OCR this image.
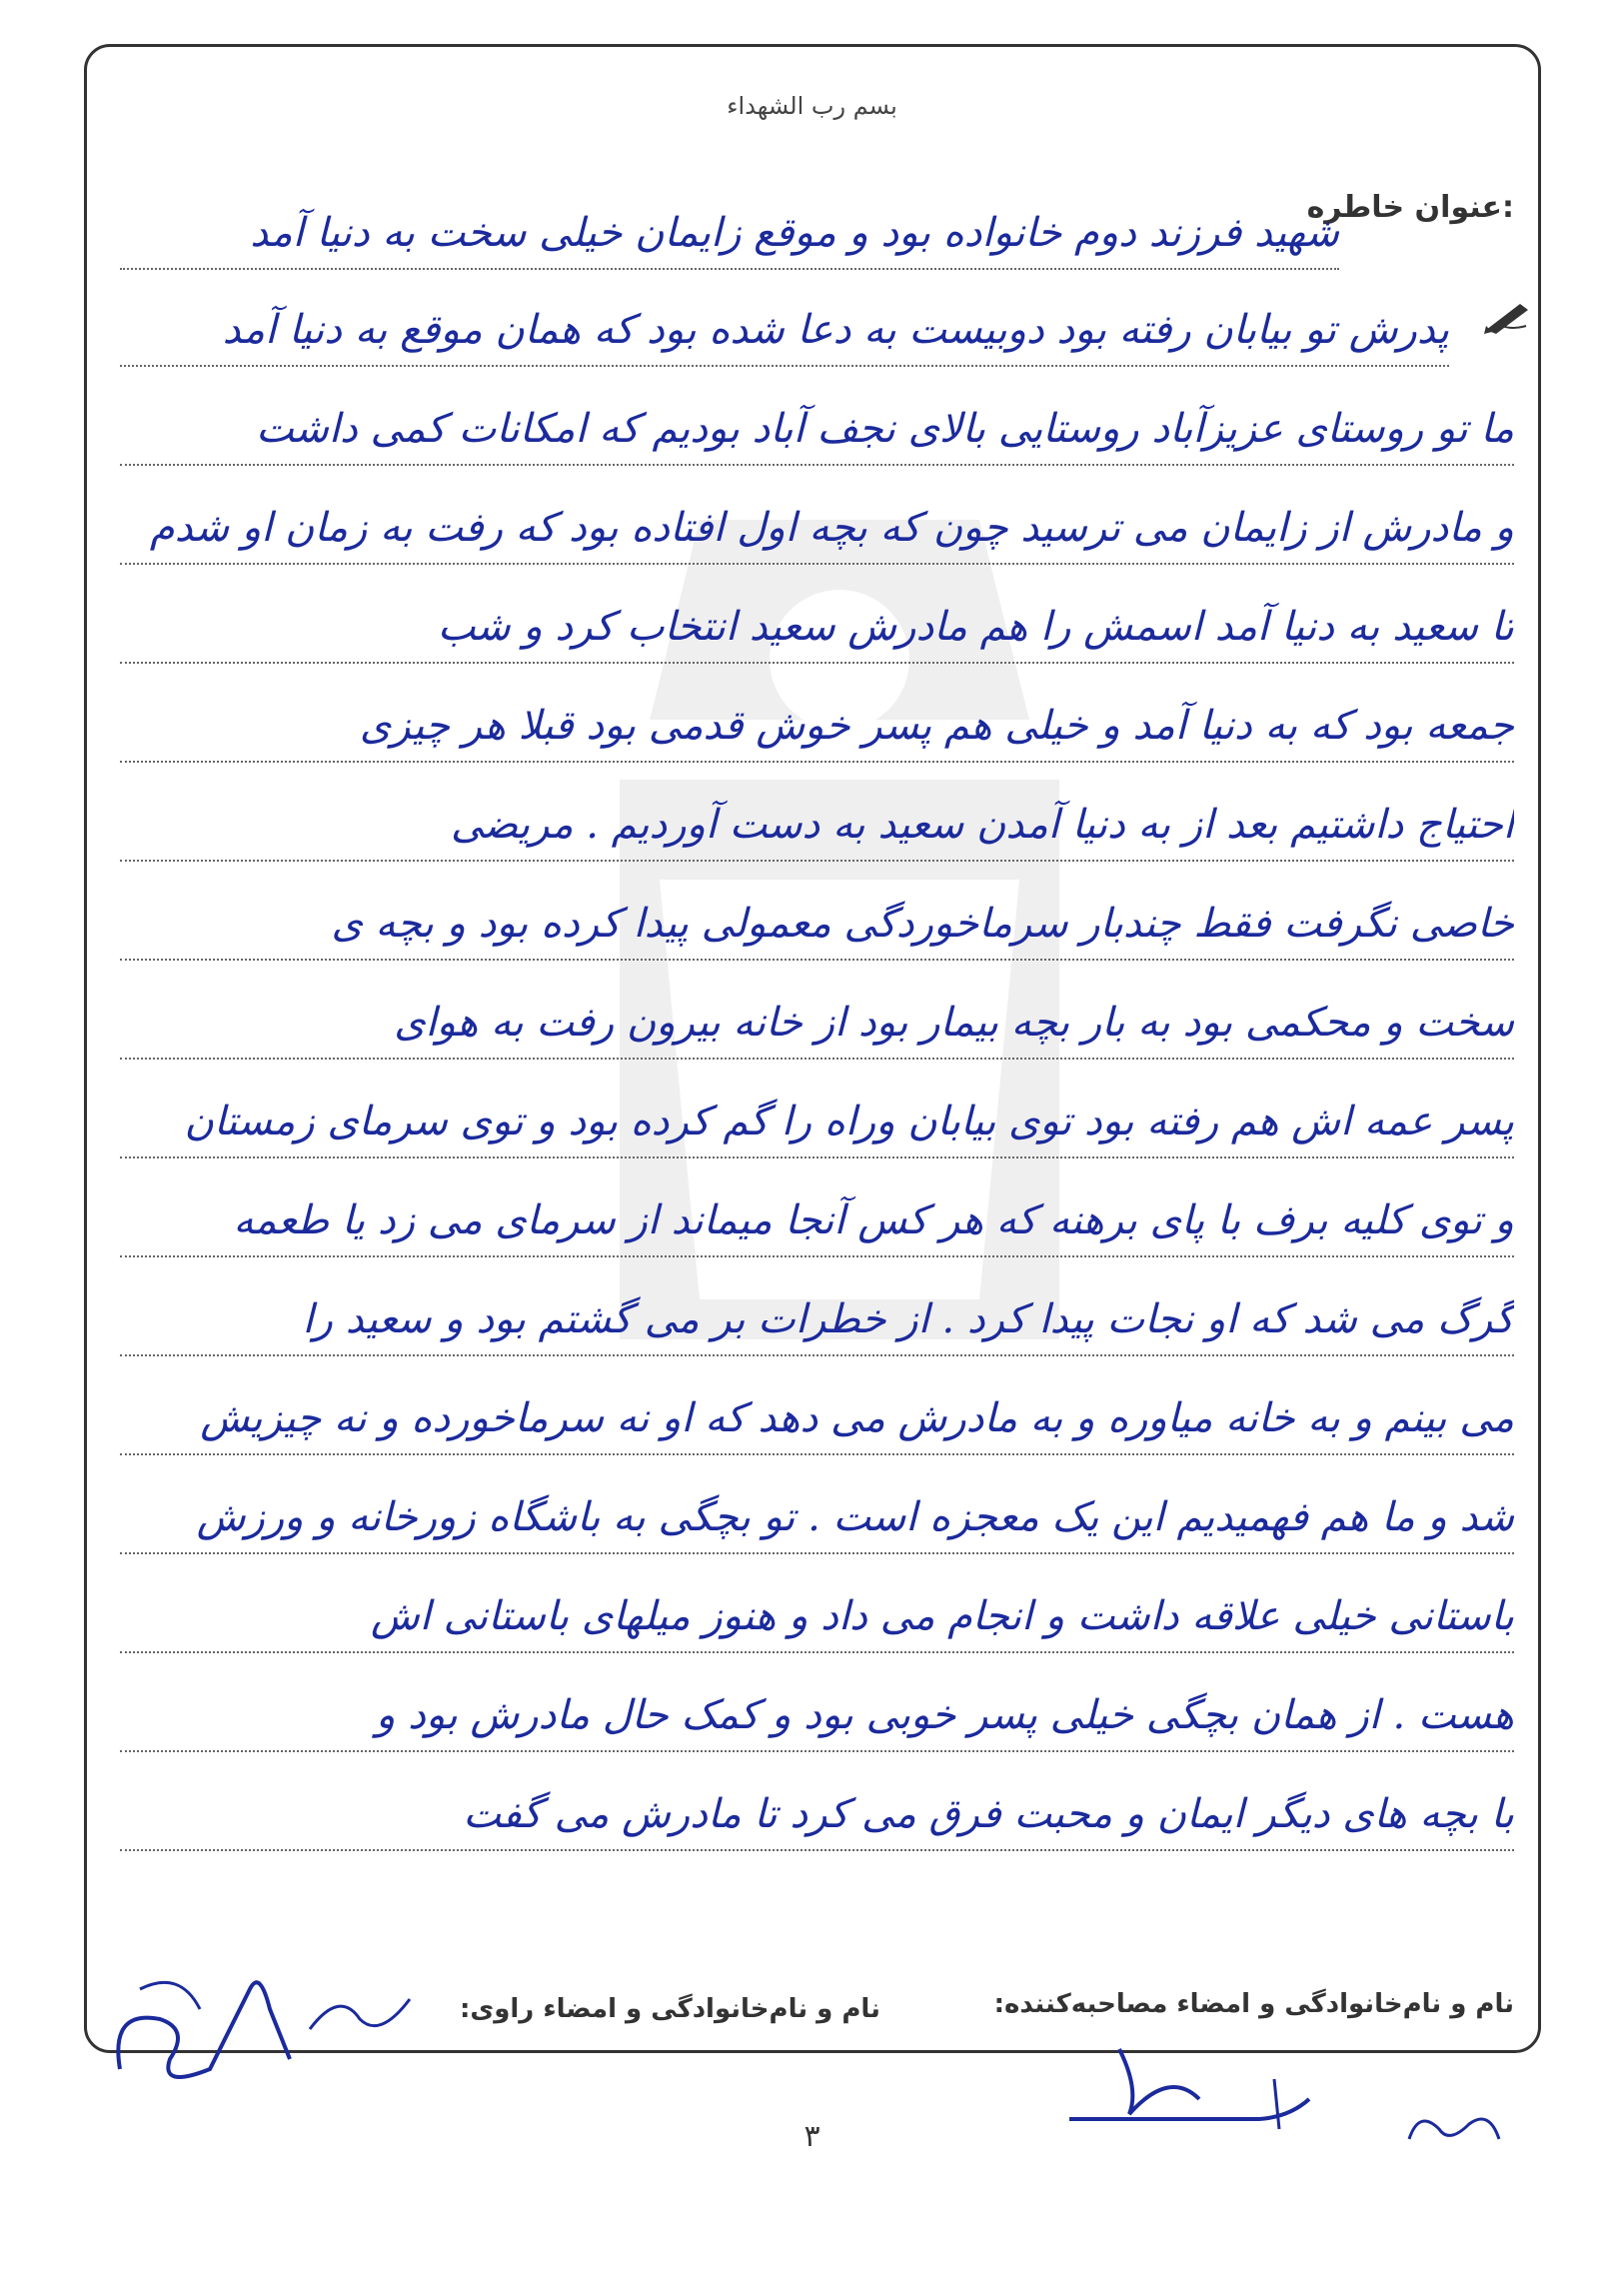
بسم رب الشهداء
عنوان خاطره:
شهید فرزند دوم خانواده بود و موقع زایمان خیلی سخت به دنیا آمد
پدرش تو بیابان رفته بود دوبیست به دعا شده بود که همان موقع به دنیا آمد
ما تو روستای عزیزآباد روستایی بالای نجف آباد بودیم که امکانات کمی داشت
و مادرش از زایمان می ترسید چون که بچه اول افتاده بود که رفت به زمان او شدم
تا سعید به دنیا آمد اسمش را هم مادرش سعید انتخاب کرد و شب
جمعه بود که به دنیا آمد و خیلی هم پسر خوش قدمی بود قبلا هر چیزی
احتیاج داشتیم بعد از به دنیا آمدن سعید به دست آوردیم . مریضی
خاصی نگرفت فقط چندبار سرماخوردگی معمولی پیدا کرده بود و بچه ی
سخت و محکمی بود به بار بچه بیمار بود از خانه بیرون رفت به هوای
پسر عمه اش هم رفته بود توی بیابان وراه را گم کرده بود و توی سرمای زمستان
و توی کلیه برف با پای برهنه که هر کس آنجا میماند از سرمای می زد یا طعمه
گرگ می شد که او نجات پیدا کرد . از خطرات بر می گشتم بود و سعید را
می بینم و به خانه میاوره و به مادرش می دهد که او نه سرماخورده و نه چیزیش
شد و ما هم فهمیدیم این یک معجزه است . تو بچگی به باشگاه زورخانه و ورزش
باستانی خیلی علاقه داشت و انجام می داد و هنوز میلهای باستانی اش
هست . از همان بچگی خیلی پسر خوبی بود و کمک حال مادرش بود و
با بچه های دیگر ایمان و محبت فرق می کرد تا مادرش می گفت
نام و نام‌خانوادگی و امضاء مصاحبه‌کننده:
نام و نام‌خانوادگی و امضاء راوی:
۳
